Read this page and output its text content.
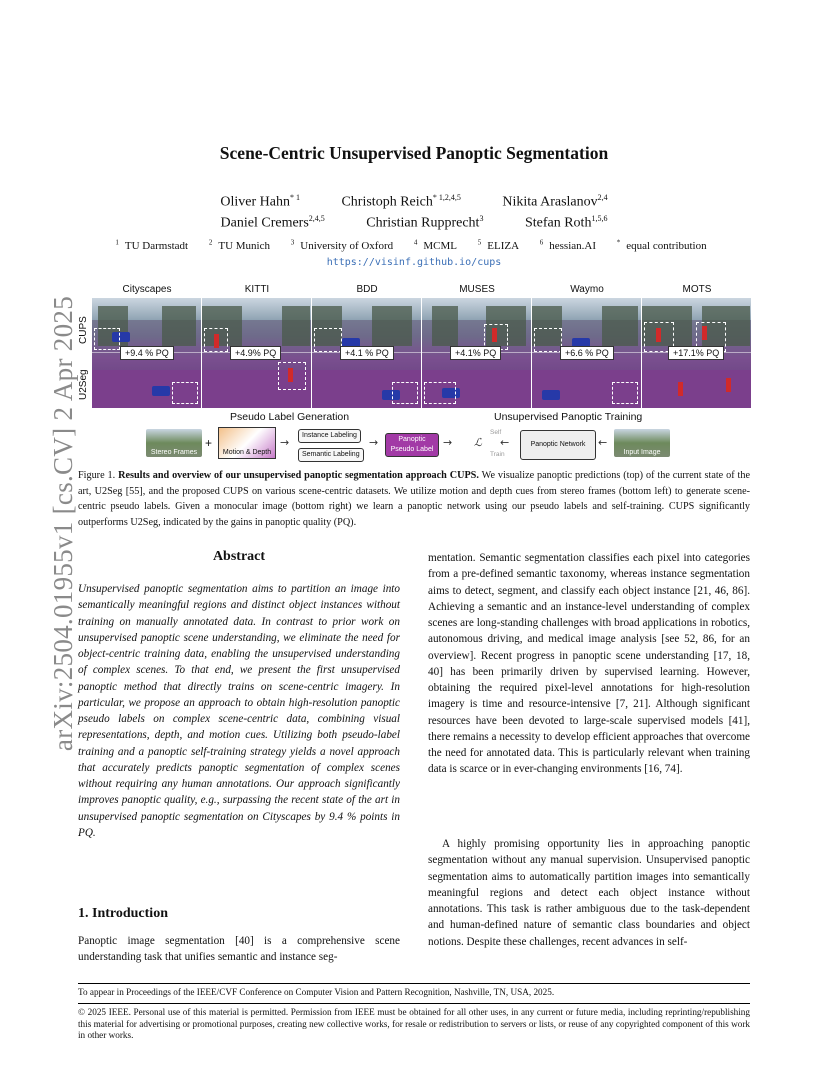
arXiv:2504.01955v1 [cs.CV] 2 Apr 2025
Scene-Centric Unsupervised Panoptic Segmentation
Oliver Hahn$^{* 1}$	Christoph Reich$^{* 1,2,4,5}$	Nikita Araslanov$^{2,4}$
Daniel Cremers$^{2,4,5}$	Christian Rupprecht$^3$	Stefan Roth$^{1,5,6}$
$^1$ TU Darmstadt	$^2$ TU Munich	$^3$ University of Oxford	$^4$ MCML	$^5$ ELIZA	$^6$ hessian.AI	* equal contribution
https://visinf.github.io/cups
Cityscapes	KITTI	BDD	MUSES	Waymo	MOTS
CUPS
U2Seg
+9.4 % PQ	+4.9% PQ	+4.1 % PQ	+4.1% PQ	+6.6 % PQ	+17.1% PQ
Pseudo Label Generation	Unsupervised Panoptic Training
Stereo Frames
+
Motion & Depth
→
Instance Labeling
Semantic Labeling
→	Panoptic Pseudo Label
→ ℒ
Self
Train
←	Panoptic Network	←
Input Image
Figure 1. Results and overview of our unsupervised panoptic segmentation approach CUPS. We visualize panoptic predictions (top) of the current state of the art, U2Seg [55], and the proposed CUPS on various scene-centric datasets. We utilize motion and depth cues from stereo frames (bottom left) to generate scene-centric pseudo labels. Given a monocular image (bottom right) we learn a panoptic network using our pseudo labels and self-training. CUPS significantly outperforms U2Seg, indicated by the gains in panoptic quality (PQ).
Abstract
Unsupervised panoptic segmentation aims to partition an image into semantically meaningful regions and distinct object instances without training on manually annotated data. In contrast to prior work on unsupervised panoptic scene understanding, we eliminate the need for object-centric training data, enabling the unsupervised understanding of complex scenes. To that end, we present the first unsupervised panoptic method that directly trains on scene-centric imagery. In particular, we propose an approach to obtain high-resolution panoptic pseudo labels on complex scene-centric data, combining visual representations, depth, and motion cues. Utilizing both pseudo-label training and a panoptic self-training strategy yields a novel approach that accurately predicts panoptic segmentation of complex scenes without requiring any human annotations. Our approach significantly improves panoptic quality, e.g., surpassing the recent state of the art in unsupervised panoptic segmentation on Cityscapes by 9.4 % points in PQ.
1. Introduction
Panoptic image segmentation [40] is a comprehensive scene understanding task that unifies semantic and instance seg-
mentation. Semantic segmentation classifies each pixel into categories from a pre-defined semantic taxonomy, whereas instance segmentation aims to detect, segment, and classify each object instance [21, 46, 86]. Achieving a semantic and an instance-level understanding of complex scenes are long-standing challenges with broad applications in robotics, autonomous driving, and medical image analysis [see 52, 86, for an overview]. Recent progress in panoptic scene understanding [17, 18, 40] has been primarily driven by supervised learning. However, obtaining the required pixel-level annotations for high-resolution imagery is time and resource-intensive [7, 21]. Although significant resources have been devoted to large-scale supervised models [41], there remains a necessity to develop efficient approaches that overcome the need for annotated data. This is particularly relevant when training data is scarce or in ever-changing environments [16, 74].
A highly promising opportunity lies in approaching panoptic segmentation without any manual supervision. Unsupervised panoptic segmentation aims to automatically partition images into semantically meaningful regions and detect each object instance without annotations. This task is rather ambiguous due to the task-dependent and human-defined nature of semantic class boundaries and object notions. Despite these challenges, recent advances in self-
To appear in Proceedings of the IEEE/CVF Conference on Computer Vision and Pattern Recognition, Nashville, TN, USA, 2025.
© 2025 IEEE. Personal use of this material is permitted. Permission from IEEE must be obtained for all other uses, in any current or future media, including reprinting/republishing this material for advertising or promotional purposes, creating new collective works, for resale or redistribution to servers or lists, or reuse of any copyrighted component of this work in other works.
